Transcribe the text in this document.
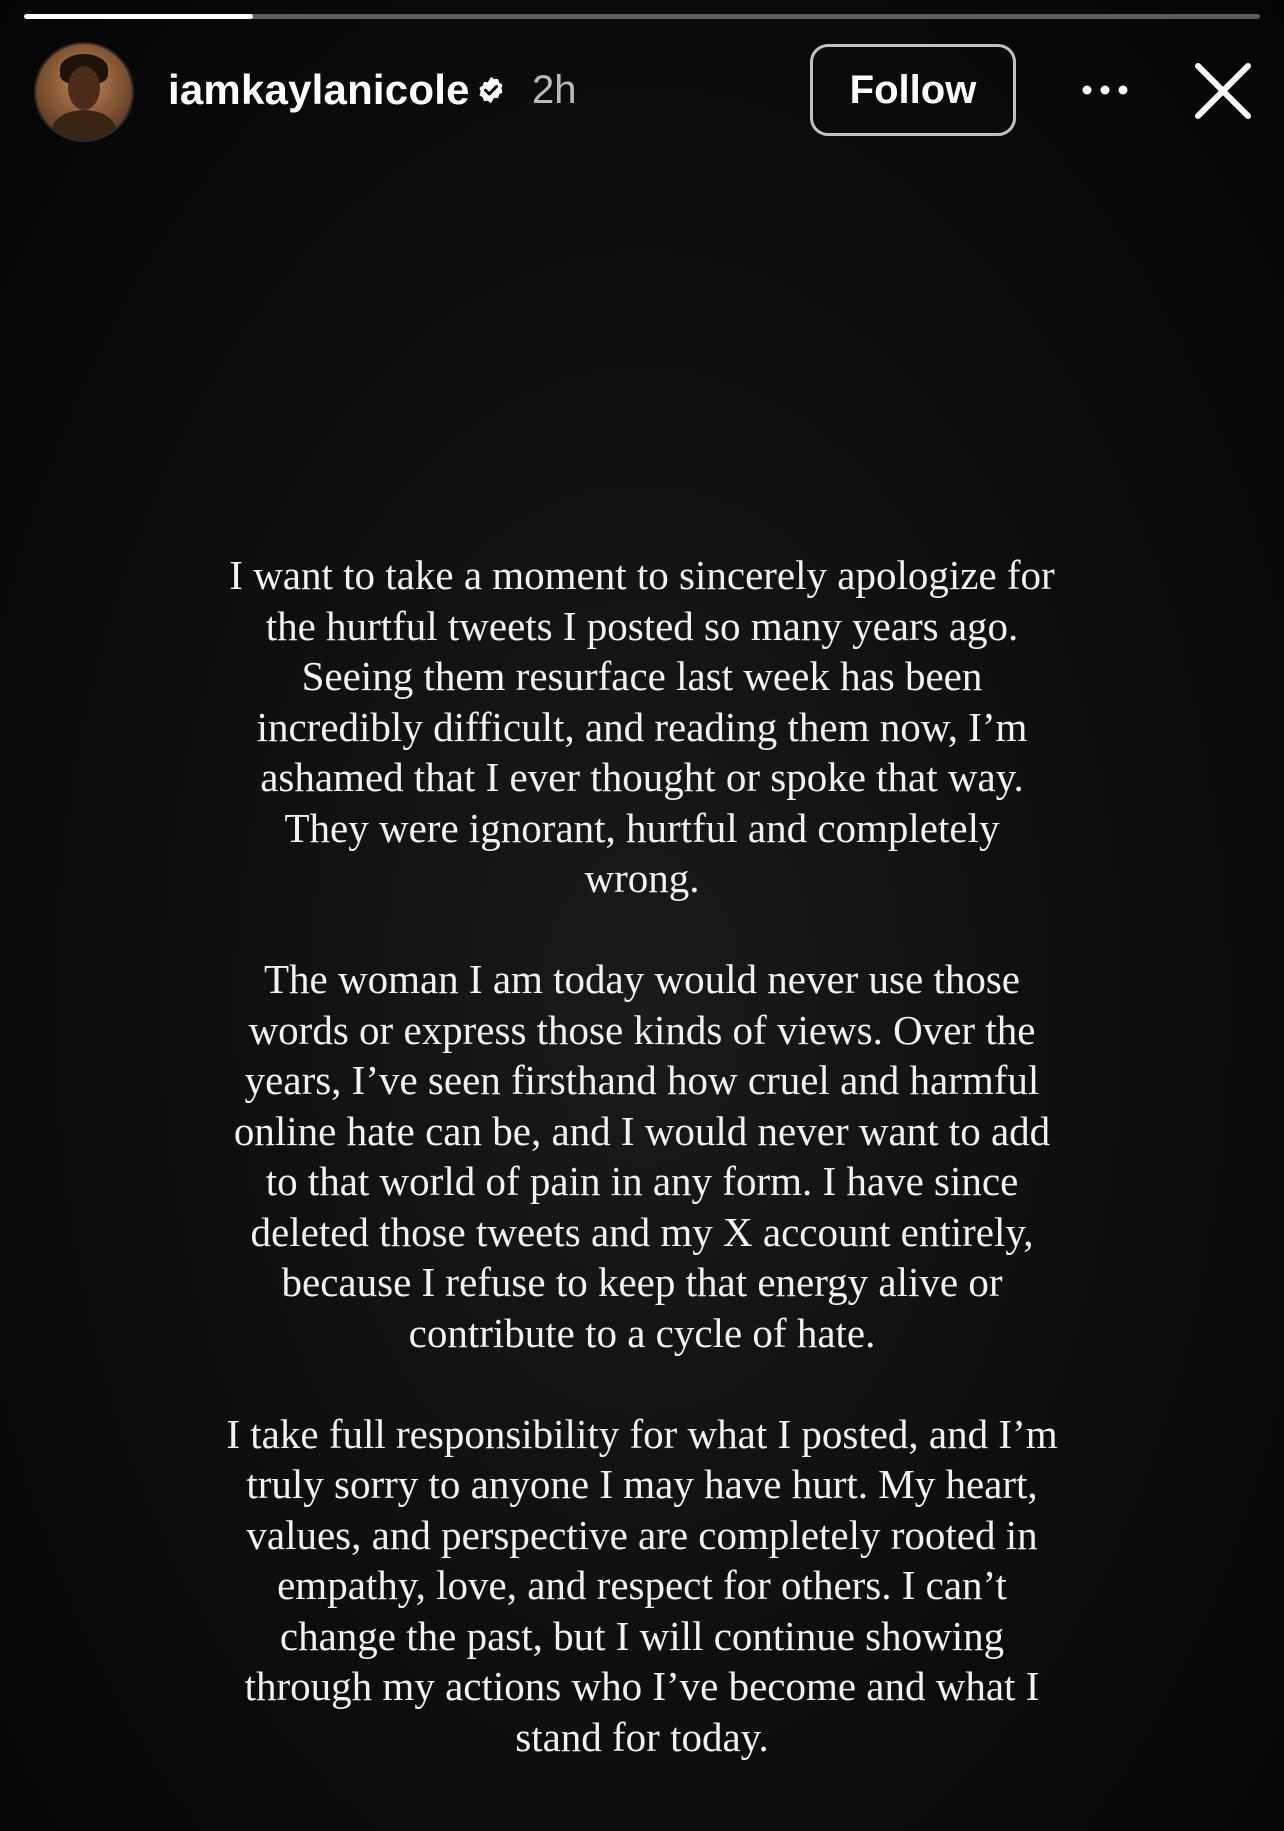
iamkaylanicole 2h	Follow

I want to take a moment to sincerely apologize for
the hurtful tweets I posted so many years ago.
Seeing them resurface last week has been
incredibly difficult, and reading them now, I’m
ashamed that I ever thought or spoke that way.
They were ignorant, hurtful and completely
wrong.

The woman I am today would never use those
words or express those kinds of views. Over the
years, I’ve seen firsthand how cruel and harmful
online hate can be, and I would never want to add
to that world of pain in any form. I have since
deleted those tweets and my X account entirely,
because I refuse to keep that energy alive or
contribute to a cycle of hate.

I take full responsibility for what I posted, and I’m
truly sorry to anyone I may have hurt. My heart,
values, and perspective are completely rooted in
empathy, love, and respect for others. I can’t
change the past, but I will continue showing
through my actions who I’ve become and what I
stand for today.
